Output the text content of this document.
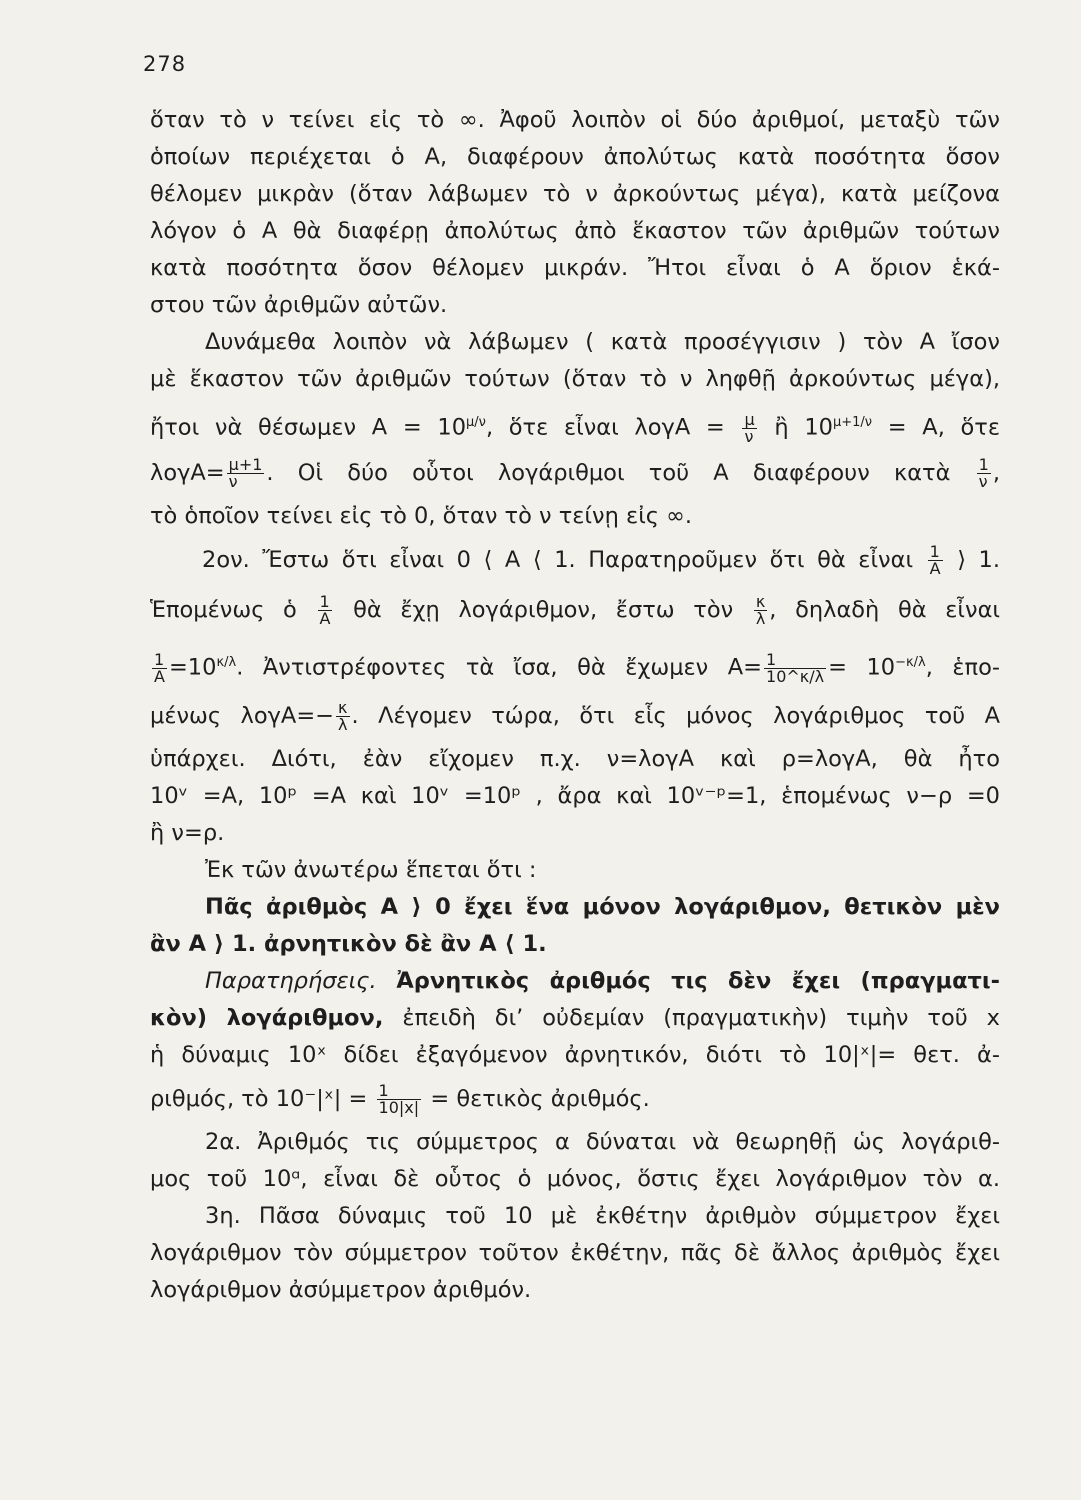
278
ὅταν τὸ ν τείνει εἰς τὸ ∞. Ἀφοῦ λοιπὸν οἱ δύο ἀριθμοί, μεταξὺ τῶν
ὁποίων περιέχεται ὁ Α, διαφέρουν ἀπολύτως κατὰ ποσότητα ὅσον
θέλομεν μικρὰν (ὅταν λάβωμεν τὸ ν ἀρκούντως μέγα), κατὰ μείζονα
λόγον ὁ Α θὰ διαφέρῃ ἀπολύτως ἀπὸ ἕκαστον τῶν ἀριθμῶν τούτων
κατὰ ποσότητα ὅσον θέλομεν μικράν. Ἤτοι εἶναι ὁ Α ὅριον ἑκά-
στου τῶν ἀριθμῶν αὐτῶν.
Δυνάμεθα λοιπὸν νὰ λάβωμεν ( κατὰ προσέγγισιν ) τὸν Α ἴσον
μὲ ἕκαστον τῶν ἀριθμῶν τούτων (ὅταν τὸ ν ληφθῇ ἀρκούντως μέγα),
ἤτοι νὰ θέσωμεν $A = 10^{\mu/\nu}$, ὅτε εἶναι $\lambda o\gamma A = \frac{\mu}{\nu}$ ἢ $10^{\mu+1/\nu} = A$, ὅτε
$\lambda o\gamma A= \frac{\mu+1}{\nu}$ . Οἱ δύο οὗτοι λογάριθμοι τοῦ Α διαφέρουν κατὰ $\frac{1}{\nu}$ ,
τὸ ὁποῖον τείνει εἰς τὸ 0, ὅταν τὸ ν τείνῃ εἰς ∞.
2ον. Ἔστω ὅτι εἶναι 0 ⟨ Α ⟨ 1. Παρατηροῦμεν ὅτι θὰ εἶναι $\frac{1}{A}$ ⟩ 1.
Ἑπομένως ὁ $\frac{1}{A}$ θὰ ἔχῃ λογάριθμον, ἔστω τὸν $\frac{\kappa}{\lambda}$ , δηλαδὴ θὰ εἶναι
$\frac{1}{A} =10^{\kappa/\lambda}$. Ἀντιστρέφοντες τὰ ἴσα, θὰ ἔχωμεν $A= \frac{1}{10\^{}\kappa/\lambda} = 10^{-\kappa/\lambda}$, ἑπο-
μένως $\lambda o\gamma A=- \frac{\kappa}{\lambda}$ . Λέγομεν τώρα, ὅτι εἷς μόνος λογάριθμος τοῦ Α
ὑπάρχει. Διότι, ἐὰν εἴχομεν π.χ. ν=λογΑ καὶ ρ=λογΑ, θὰ ἦτο
10ᵛ =Α, 10ᵖ =Α καὶ 10ᵛ =10ᵖ , ἄρα καὶ 10ᵛ⁻ᵖ=1, ἑπομένως ν−ρ =0
ἢ ν=ρ.
Ἐκ τῶν ἀνωτέρω ἕπεται ὅτι :
Πᾶς ἀριθμὸς Α ⟩ 0 ἔχει ἕνα μόνον λογάριθμον, θετικὸν μὲν
ἂν Α ⟩ 1. ἀρνητικὸν δὲ ἂν Α ⟨ 1.
Παρατηρήσεις. Ἀρνητικὸς ἀριθμός τις δὲν ἔχει (πραγματι-
κὸν) λογάριθμον, ἐπειδὴ δι’ οὐδεμίαν (πραγματικὴν) τιμὴν τοῦ x
ἡ δύναμις 10ˣ δίδει ἐξαγόμενον ἀρνητικόν, διότι τὸ 10|ˣ|= θετ. ἀ-
ριθμός, τὸ 10⁻|ˣ| = $\frac{1}{10|x|}$ = θετικὸς ἀριθμός.
2α. Ἀριθμός τις σύμμετρος α δύναται νὰ θεωρηθῇ ὡς λογάριθ-
μος τοῦ 10ᵅ, εἶναι δὲ οὗτος ὁ μόνος, ὅστις ἔχει λογάριθμον τὸν α.
3η. Πᾶσα δύναμις τοῦ 10 μὲ ἐκθέτην ἀριθμὸν σύμμετρον ἔχει
λογάριθμον τὸν σύμμετρον τοῦτον ἐκθέτην, πᾶς δὲ ἄλλος ἀριθμὸς ἔχει
λογάριθμον ἀσύμμετρον ἀριθμόν.
